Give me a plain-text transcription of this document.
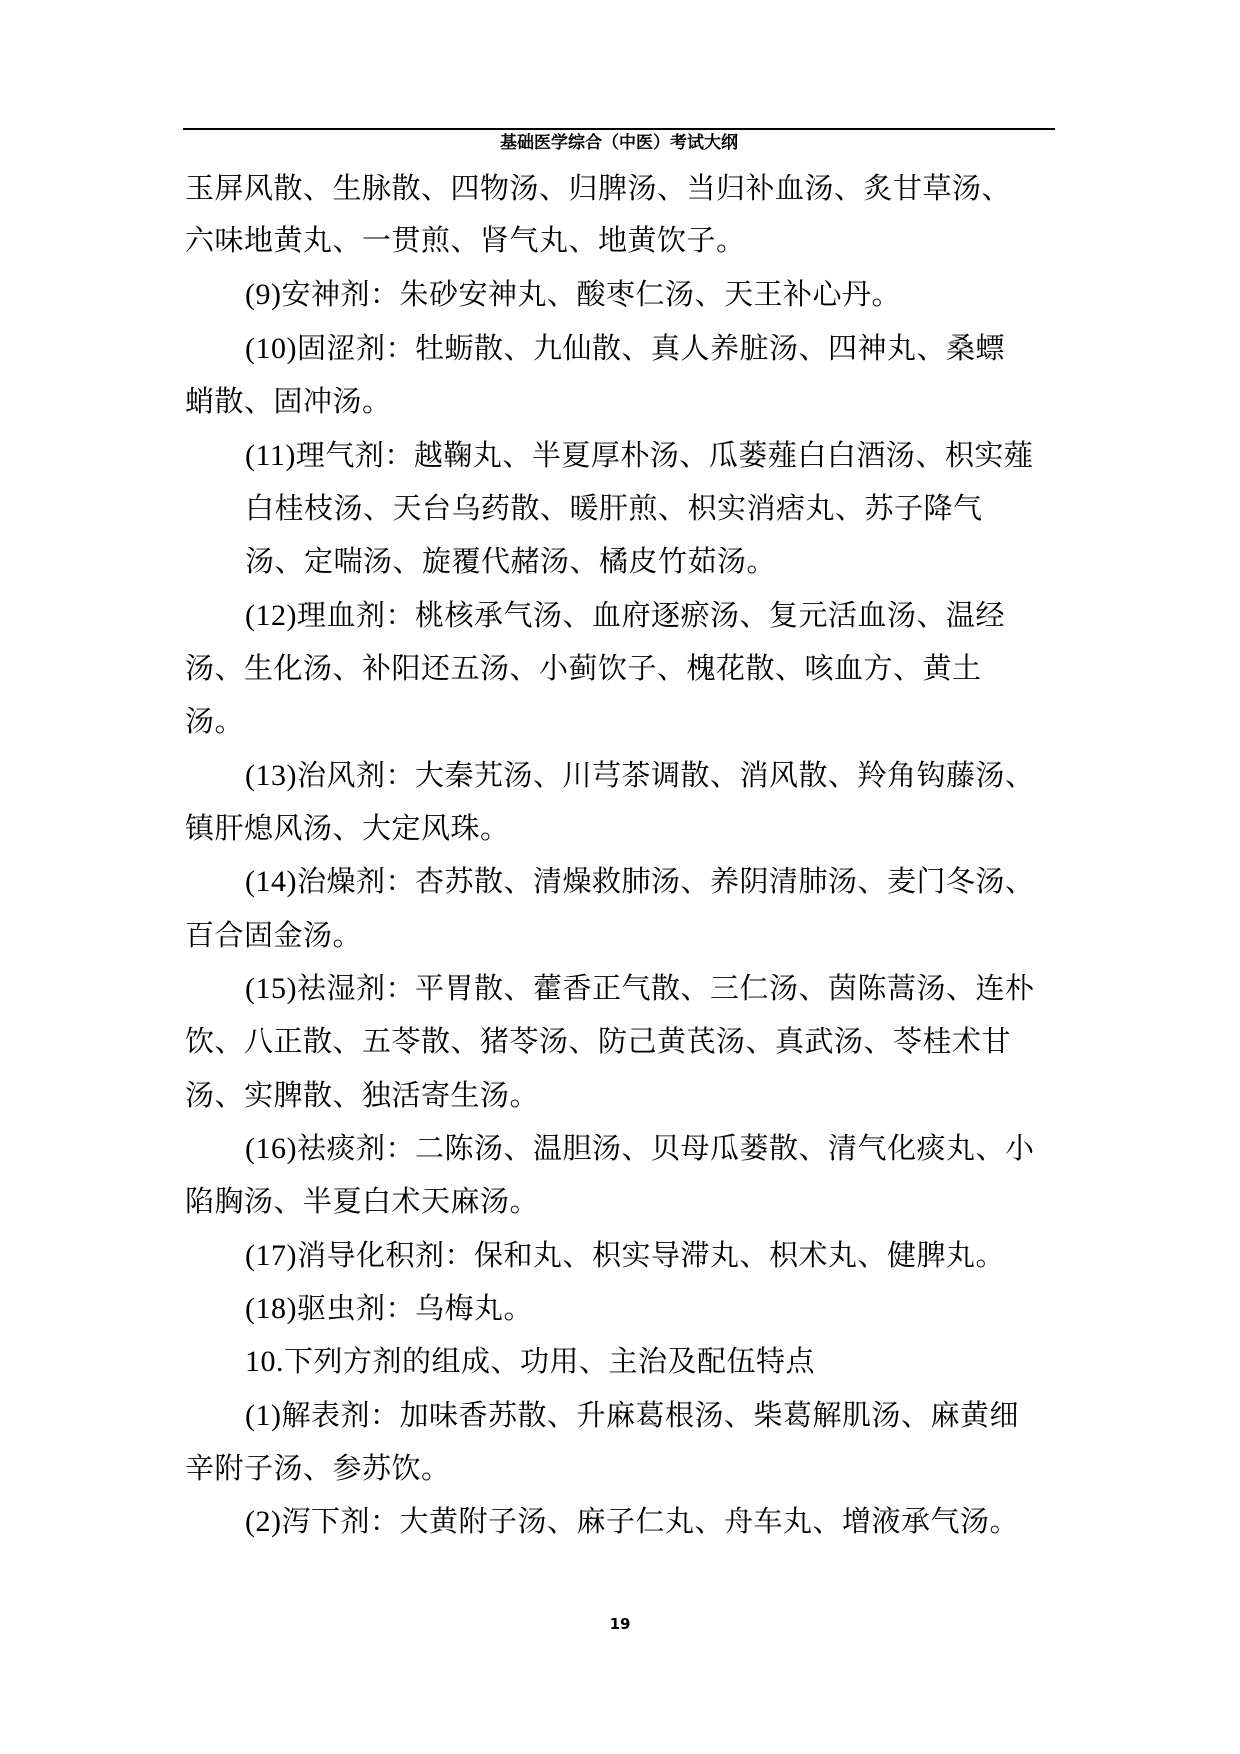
基础医学综合（中医）考试大纲
玉屏风散、生脉散、四物汤、归脾汤、当归补血汤、炙甘草汤、
六味地黄丸、一贯煎、肾气丸、地黄饮子。
(9)安神剂：朱砂安神丸、酸枣仁汤、天王补心丹。
(10)固涩剂：牡蛎散、九仙散、真人养脏汤、四神丸、桑螵
蛸散、固冲汤。
(11)理气剂：越鞠丸、半夏厚朴汤、瓜蒌薤白白酒汤、枳实薤
白桂枝汤、天台乌药散、暖肝煎、枳实消痞丸、苏子降气
汤、定喘汤、旋覆代赭汤、橘皮竹茹汤。
(12)理血剂：桃核承气汤、血府逐瘀汤、复元活血汤、温经
汤、生化汤、补阳还五汤、小蓟饮子、槐花散、咳血方、黄土
汤。
(13)治风剂：大秦艽汤、川芎茶调散、消风散、羚角钩藤汤、
镇肝熄风汤、大定风珠。
(14)治燥剂：杏苏散、清燥救肺汤、养阴清肺汤、麦门冬汤、
百合固金汤。
(15)祛湿剂：平胃散、藿香正气散、三仁汤、茵陈蒿汤、连朴
饮、八正散、五苓散、猪苓汤、防己黄芪汤、真武汤、苓桂术甘
汤、实脾散、独活寄生汤。
(16)祛痰剂：二陈汤、温胆汤、贝母瓜蒌散、清气化痰丸、小
陷胸汤、半夏白术天麻汤。
(17)消导化积剂：保和丸、枳实导滞丸、枳术丸、健脾丸。
(18)驱虫剂：乌梅丸。
10.下列方剂的组成、功用、主治及配伍特点
(1)解表剂：加味香苏散、升麻葛根汤、柴葛解肌汤、麻黄细
辛附子汤、参苏饮。
(2)泻下剂：大黄附子汤、麻子仁丸、舟车丸、增液承气汤。
19
